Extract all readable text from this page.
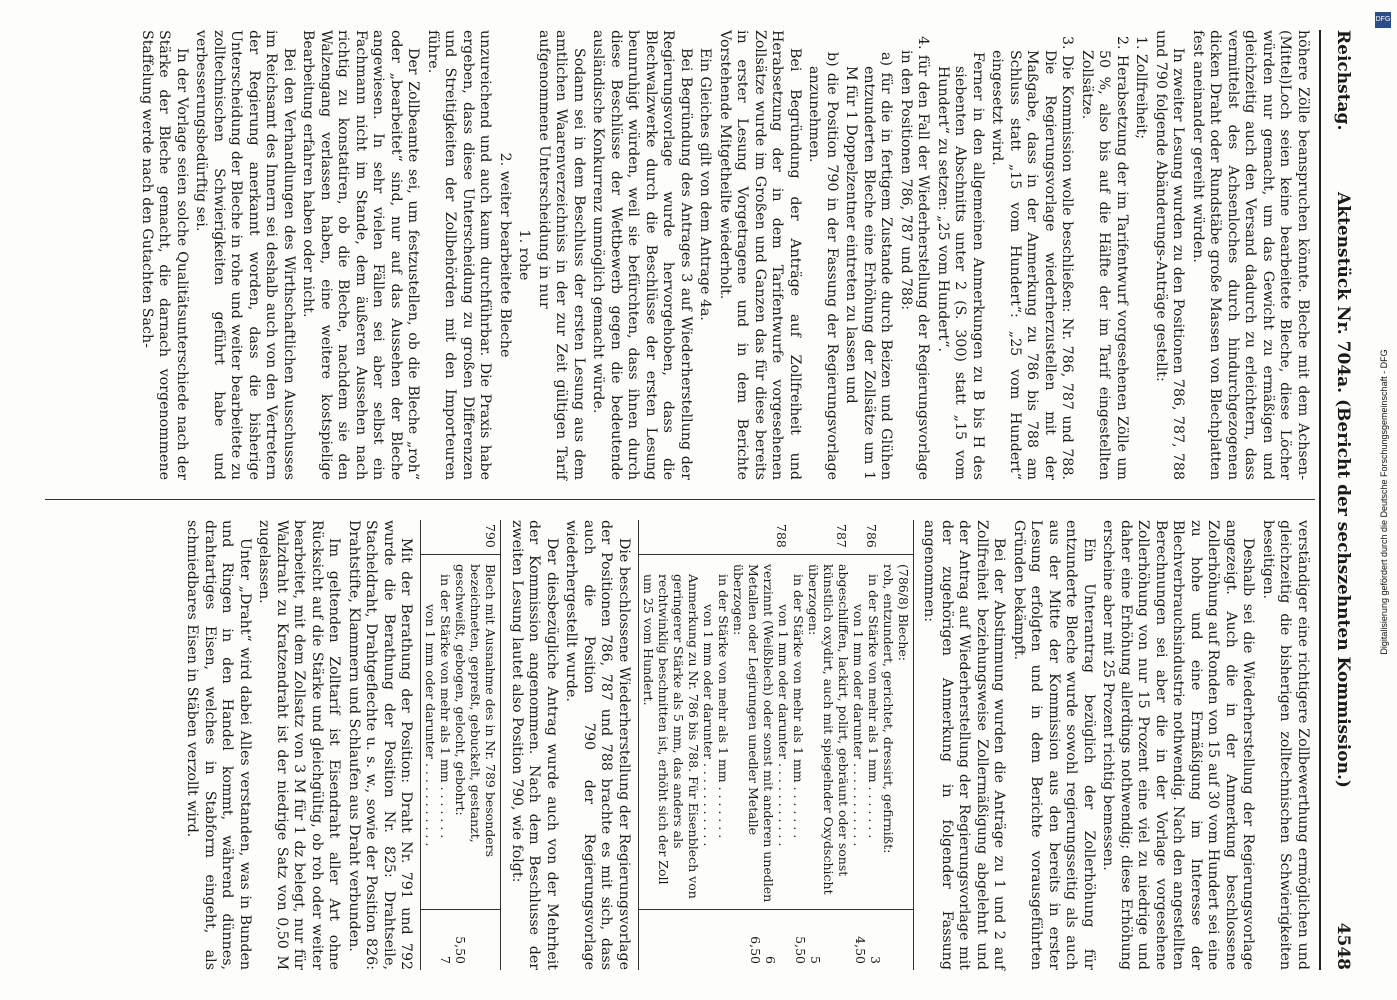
Reichstag.
Aktenstück Nr. 704a. (Bericht der sechszehnten Kommission.)
4548

höhere Zölle beanspruchen könnte. Bleche mit dem Achsen-(Mittel)Loch seien keine bearbeitete Bleche, diese Löcher würden nur gemacht, um das Gewicht zu ermäßigen und gleichzeitig auch den Versand dadurch zu erleichtern, dass vermittelst des Achsenloches durch hindurchgezogenen dicken Draht oder Rundstäbe große Massen von Blechplatten fest aneinander gereiht würden.

In zweiter Lesung wurden zu den Positionen 786, 787, 788 und 790 folgende Abänderungs-Anträge gestellt:

1. Zollfreiheit;

2. Herabsetzung der im Tarifentwurf vorgesehenen Zölle um 50 %, also bis auf die Hälfte der im Tarif eingestellten Zollsätze.

3. Die Kommission wolle beschließen: Nr. 786, 787 und 788. Die Regierungsvorlage wiederherzustellen mit der Maßgabe, dass in der Anmerkung zu 786 bis 788 am Schluss statt „15 vom Hundert“: „25 vom Hundert“ eingesetzt wird.

Ferner in den allgemeinen Anmerkungen zu B bis H des siebenten Abschnitts unter 2 (S. 300) statt „15 vom Hundert“ zu setzen: „25 vom Hundert“.

4. für den Fall der Wiederherstellung der Regierungsvorlage in den Positionen 786, 787 und 788:

a) für die in fertigem Zustande durch Beizen und Glühen entzunderten Bleche eine Erhöhung der Zollsätze um 1 M für 1 Doppelzentner eintreten zu lassen und

b) die Position 790 in der Fassung der Regierungsvorlage anzunehmen.

Bei Begründung der Anträge auf Zollfreiheit und Herabsetzung der in dem Tarifentwurfe vorgesehenen Zollsätze wurde im Großen und Ganzen das für diese bereits in erster Lesung Vorgetragene und in dem Berichte Vorstehende Mitgetheilte wiederholt.

Ein Gleiches gilt von dem Antrage 4a.

Bei Begründung des Antrages 3 auf Wiederherstellung der Regierungsvorlage wurde hervorgehoben, dass die Blechwalzwerke durch die Beschlüsse der ersten Lesung beunruhigt würden, weil sie befürchten, dass ihnen durch diese Beschlüsse der Wettbewerb gegen die bedeutende ausländische Konkurrenz unmöglich gemacht würde.

Sodann sei in dem Beschluss der ersten Lesung aus dem amtlichen Waarenverzeichniss in der zur Zeit gültigen Tarif aufgenommene Unterscheidung in nur

1. rohe

2. weiter bearbeitete Bleche

unzureichend und auch kaum durchführbar. Die Praxis habe ergeben, dass diese Unterscheidung zu großen Differenzen und Streitigkeiten der Zollbehörden mit den Importeuren führe.

Der Zollbeamte sei, um festzustellen, ob die Bleche „roh“ oder „bearbeitet“ sind, nur auf das Aussehen der Bleche angewiesen. In sehr vielen Fällen sei aber selbst ein Fachmann nicht im Stande, dem äußeren Aussehen nach richtig zu konstatiren, ob die Bleche, nachdem sie den Walzengang verlassen haben, eine weitere kostspielige Bearbeitung erfahren haben oder nicht.

Bei den Verhandlungen des Wirthschaftlichen Ausschusses im Reichsamt des Innern sei deshalb auch von den Vertretern der Regierung anerkannt worden, dass die bisherige Unterscheidung der Bleche in rohe und weiter bearbeitete zu zolltechnischen Schwierigkeiten geführt habe und verbesserungsbedürftig sei.

In der Vorlage seien solche Qualitätsunterschiede nach der Stärke der Bleche gemacht, die darnach vorgenommene Staffelung werde nach den Gutachten Sach-

verständiger eine richtigere Zollbewerthung ermöglichen und gleichzeitig die bisherigen zolltechnischen Schwierigkeiten beseitigen.

Deshalb sei die Wiederherstellung der Regierungsvorlage angezeigt. Auch die in der Anmerkung beschlossene Zollerhöhung auf Ronden von 15 auf 30 vom Hundert sei eine zu hohe und eine Ermäßigung im Interesse der Blechverbrauchsindustrie nothwendig. Nach den angestellten Berechnungen sei aber die in der Vorlage vorgesehene Zollerhöhung von nur 15 Prozent eine viel zu niedrige und daher eine Erhöhung allerdings nothwendig; diese Erhöhung erscheine aber mit 25 Prozent richtig bemessen.

Ein Unterantrag bezüglich der Zollerhöhung für entzunderte Bleche wurde sowohl regierungsseitig als auch aus der Mitte der Kommission aus den bereits in erster Lesung erfolgten und in dem Berichte vorausgeführten Gründen bekämpft.

Bei der Abstimmung wurden die Anträge zu 1 und 2 auf Zollfreiheit beziehungsweise Zollermäßigung abgelehnt und der Antrag auf Wiederherstellung der Regierungsvorlage mit der zugehörigen Anmerkung in folgender Fassung angenommen:

786
787
788
(786/8) Bleche:
roh, entzundert, gerichtet, dressirt, gefirnißt:
in der Stärke von mehr als 1 mm . . . . . . .
von 1 mm oder darunter . . . . . . . . . . .
abgeschliffen, lackirt, polirt, gebräunt oder sonst künstlich oxydirt, auch mit spiegelnder Oxydschicht überzogen:
in der Stärke von mehr als 1 mm . . . . . . .
von 1 mm oder darunter . . . . . . . . . . .
verzinnt (Weißblech) oder sonst mit anderen unedlen Metallen oder Legirungen unedler Metalle überzogen:
in der Stärke von mehr als 1 mm . . . . . . .
von 1 mm oder darunter . . . . . . . . . . .
Anmerkung zu Nr. 786 bis 788. Für Eisenblech von geringerer Stärke als 5 mm, das anders als rechtwinklig beschnitten ist, erhöht sich der Zoll um 25 vom Hundert.
3
4,50
5
5,50
6
6,50

Die beschlossene Wiederherstellung der Regierungsvorlage der Positionen 786, 787 und 788 brachte es mit sich, dass auch die Position 790 der Regierungsvorlage wiederhergestellt wurde.

Der diesbezügliche Antrag wurde auch von der Mehrheit der Kommission angenommen. Nach dem Beschlusse der zweiten Lesung lautet also Position 790, wie folgt:

790
Blech mit Ausnahme des in Nr. 789 besonders bezeichneten, gepreßt, gebuckelt, gestanzt, geschweißt, gebogen, gelocht, gebohrt:
in der Stärke von mehr als 1 mm . . . . . . .
von 1 mm oder darunter . . . . . . . . . . .
5,50
7

Mit der Berathung der Position: Draht Nr. 791 und 792 wurde die Berathung der Position Nr. 825: Drahtseile, Stacheldraht, Drahtgeflechte u. s. w., sowie der Position 826: Drahtstifte, Klammern und Schlaufen aus Draht verbunden.

Im geltenden Zolltarif ist Eisendraht aller Art ohne Rücksicht auf die Stärke und gleichgültig, ob roh oder weiter bearbeitet, mit dem Zollsatz von 3 M für 1 dz belegt, nur für Walzdraht zu Kratzendraht ist der niedrige Satz von 0,50 M zugelassen.

Unter „Draht“ wird dabei Alles verstanden, was in Bunden und Ringen in den Handel kommt, während dünnes, drahtartiges Eisen, welches in Stabform eingeht, als schmiedbares Eisen in Stäben verzollt wird.

DFG
Digitalisierung gefördert durch die Deutsche Forschungsgemeinschaft - DFG
